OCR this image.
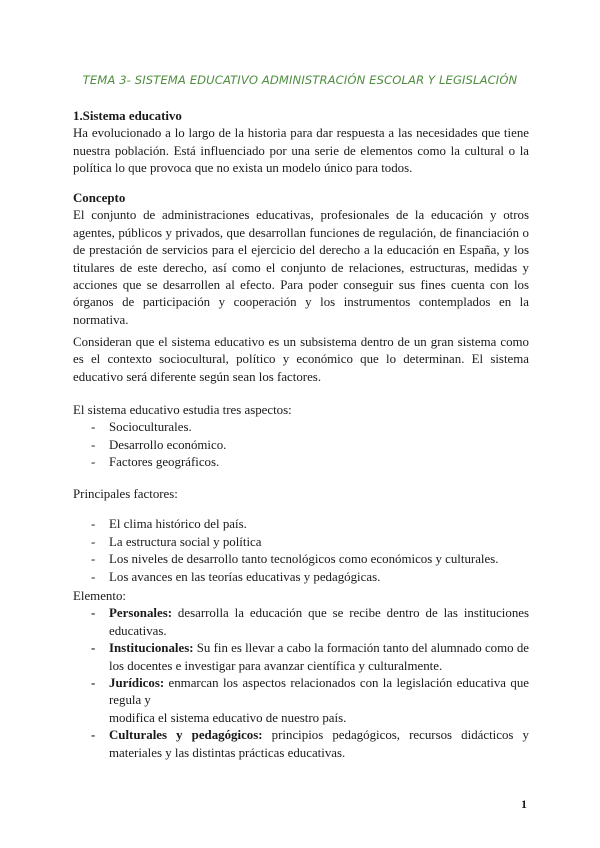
TEMA 3- SISTEMA EDUCATIVO ADMINISTRACIÓN ESCOLAR Y LEGISLACIÓN
1.Sistema educativo
Ha evolucionado a lo largo de la historia para dar respuesta a las necesidades que tiene nuestra población. Está influenciado por una serie de elementos como la cultural o la política lo que provoca que no exista un modelo único para todos.
Concepto
El conjunto de administraciones educativas, profesionales de la educación y otros agentes, públicos y privados, que desarrollan funciones de regulación, de financiación o de prestación de servicios para el ejercicio del derecho a la educación en España, y los titulares de este derecho, así como el conjunto de relaciones, estructuras, medidas y acciones que se desarrollen al efecto. Para poder conseguir sus fines cuenta con los órganos de participación y cooperación y los instrumentos contemplados en la normativa.
Consideran que el sistema educativo es un subsistema dentro de un gran sistema como es el contexto sociocultural, político y económico que lo determinan. El sistema educativo será diferente según sean los factores.
El sistema educativo estudia tres aspectos:
- Socioculturales.
- Desarrollo económico.
- Factores geográficos.
Principales factores:
- El clima histórico del país.
- La estructura social y política
- Los niveles de desarrollo tanto tecnológicos como económicos y culturales.
- Los avances en las teorías educativas y pedagógicas.
Elemento:
- Personales: desarrolla la educación que se recibe dentro de las instituciones educativas.
- Institucionales: Su fin es llevar a cabo la formación tanto del alumnado como de los docentes e investigar para avanzar científica y culturalmente.
- Jurídicos: enmarcan los aspectos relacionados con la legislación educativa que regula y
modifica el sistema educativo de nuestro país.
- Culturales y pedagógicos: principios pedagógicos, recursos didácticos y materiales y las distintas prácticas educativas.
1
